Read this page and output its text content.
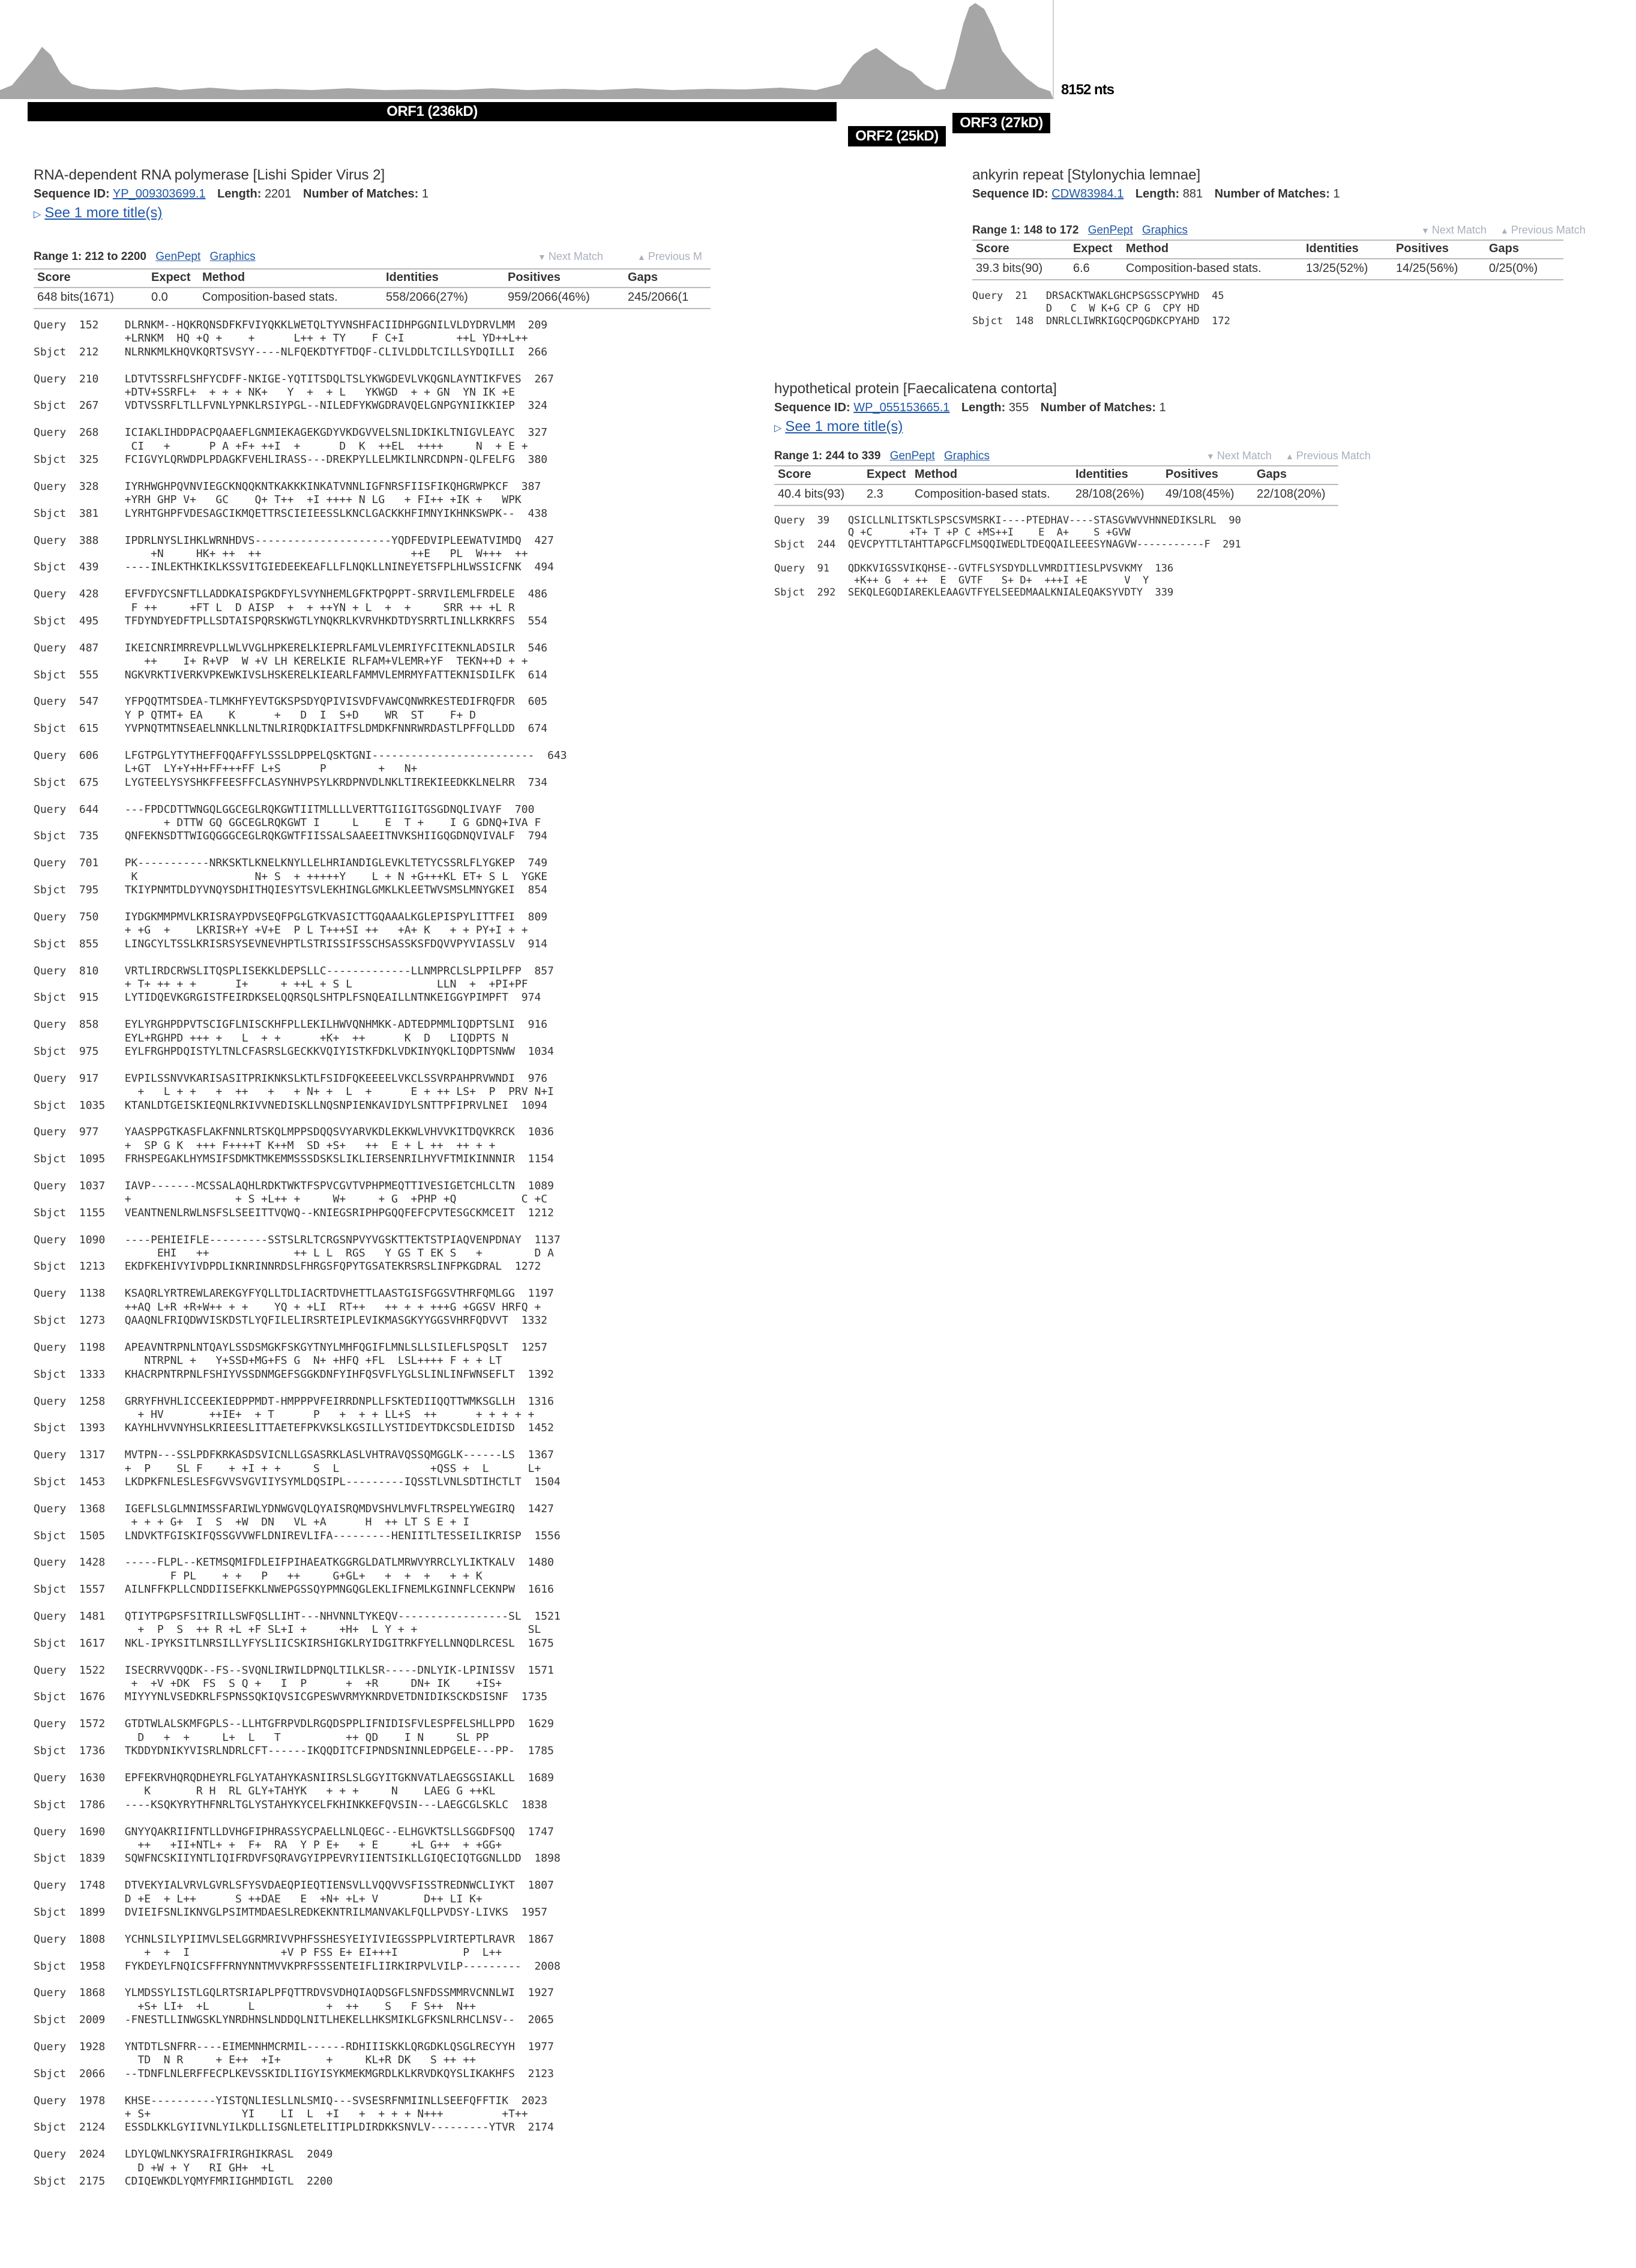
ORF1 (236kD)
ORF2 (25kD)
ORF3 (27kD)
8152 nts
RNA-dependent RNA polymerase [Lishi Spider Virus 2]
Sequence ID: YP_009303699.1 Length: 2201 Number of Matches: 1
▷ See 1 more title(s)
Range 1: 212 to 2200 GenPept Graphics	▼ Next Match	▲ Previous M
Score	Expect	Method	Identities	Positives	Gaps
648 bits(1671)	0.0	Composition-based stats.	558/2066(27%)	959/2066(46%)	245/2066(1
Query  152    DLRNKM--HQKRQNSDFKFVIYQKKLWETQLTYVNSHFACIIDHPGGNILVLDYDRVLMM  209
+LRNKM  HQ +Q +    +      L++ + TY    F C+I        ++L YD++L++
Sbjct  212    NLRNKMLKHQVKQRTSVSYY----NLFQEKDTYFTDQF-CLIVLDDLTCILLSYDQILLI  266

Query  210    LDTVTSSRFLSHFYCDFF-NKIGE-YQTITSDQLTSLYKWGDEVLVKQGNLAYNTIKFVES  267
+DTV+SSRFL+  + + + NK+   Y  +  + L   YKWGD  + + GN  YN IK +E
Sbjct  267    VDTVSSRFLTLLFVNLYPNKLRSIYPGL--NILEDFYKWGDRAVQELGNPGYNIIKKIEP  324

Query  268    ICIAKLIHDDPACPQAAEFLGNMIEKAGEKGDYVKDGVVELSNLIDKIKLTNIGVLEAYC  327
CI   +      P A +F+ ++I  +      D  K  ++EL  ++++     N  + E +
Sbjct  325    FCIGVYLQRWDPLPDAGKFVEHLIRASS---DREKPYLLELMKILNRCDNPN-QLFELFG  380

Query  328    IYRHWGHPQVNVIEGCKNQQKNTKAKKKINKATVNNLIGFNRSFIISFIKQHGRWPKCF  387
+YRH GHP V+   GC    Q+ T++  +I ++++ N LG   + FI++ +IK +   WPK
Sbjct  381    LYRHTGHPFVDESAGCIKMQETTRSCIEIEESSLKNCLGACKKHFIMNYIKHNKSWPK--  438

Query  388    IPDRLNYSLIHKLWRNHDVS---------------------YQDFEDVIPLEEWATVIMDQ  427
+N     HK+ ++  ++                       ++E   PL  W+++  ++
Sbjct  439    ----INLEKTHKIKLKSSVITGIEDEEKEAFLLFLNQKLLNINEYETSFPLHLWSSICFNK  494

Query  428    EFVFDYCSNFTLLADDKAISPGKDFYLSVYNHEMLGFKTPQPPT-SRRVILEMLFRDELE  486
F ++     +FT L  D AISP  +  + ++YN + L  +  +     SRR ++ +L R
Sbjct  495    TFDYNDYEDFTPLLSDTAISPQRSKWGTLYNQKRLKVRVHKDTDYSRRTLINLLKRKRFS  554

Query  487    IKEICNRIMRREVPLLWLVVGLHPKERELKIEPRLFAMLVLEMRIYFCITEKNLADSILR  546
++    I+ R+VP  W +V LH KERELKIE RLFAM+VLEMR+YF  TEKN++D + +
Sbjct  555    NGKVRKTIVERKVPKEWKIVSLHSKERELKIEARLFAMMVLEMRMYFATTEKNISDILFK  614

Query  547    YFPQQTMTSDEA-TLMKHFYEVTGKSPSDYQPIVISVDFVAWCQNWRKESTEDIFRQFDR  605
Y P QTMT+ EA    K      +   D  I  S+D    WR  ST    F+ D
Sbjct  615    YVPNQTMTNSEAELNNKLLNLTNLRIRQDKIAITFSLDMDKFNNRWRDASTLPFFQLLDD  674

Query  606    LFGTPGLYTYTHEFFQQAFFYLSSSLDPPELQSKTGNI-------------------------  643
L+GT  LY+Y+H+FF+++FF L+S      P        +   N+
Sbjct  675    LYGTEELYSYSHKFFEESFFCLASYNHVPSYLKRDPNVDLNKLTIREKIEEDKKLNELRR  734

Query  644    ---FPDCDTTWNGQLGGCEGLRQKGWTIITMLLLLVERTTGIIGITGSGDNQLIVAYF  700
+ DTTW GQ GGCEGLRQKGWT I     L    E  T +    I G GDNQ+IVA F
Sbjct  735    QNFEKNSDTTWIGQGGGCEGLRQKGWTFIISSALSAAEEITNVKSHIIGQGDNQVIVALF  794

Query  701    PK-----------NRKSKTLKNELKNYLLELHRIANDIGLEVKLTETYCSSRLFLYGKEP  749
K                  N+ S  + +++++Y    L + N +G+++KL ET+ S L  YGKE
Sbjct  795    TKIYPNMTDLDYVNQYSDHITHQIESYTSVLEKHINGLGMKLKLEETWVSMSLMNYGKEI  854

Query  750    IYDGKMMPMVLKRISRAYPDVSEQFPGLGTKVASICTTGQAAALKGLEPISPYLITTFEI  809
+ +G  +    LKRISR+Y +V+E  P L T+++SI ++   +A+ K   + + PY+I + +
Sbjct  855    LINGCYLTSSLKRISRSYSEVNEVHPTLSTRISSIFSSCHSASSKSFDQVVPYVIASSLV  914

Query  810    VRTLIRDCRWSLITQSPLISEKKLDEPSLLC-------------LLNMPRCLSLPPILPFP  857
+ T+ ++ + +      I+     + ++L + S L             LLN  +  +PI+PF
Sbjct  915    LYTIDQEVKGRGISTFEIRDKSELQQRSQLSHTPLFSNQEAILLNTNKEIGGYPIMPFT  974

Query  858    EYLYRGHPDPVTSCIGFLNISCKHFPLLEKILHWVQNHMKK-ADTEDPMMLIQDPTSLNI  916
EYL+RGHPD +++ +   L  + +      +K+  ++      K  D   LIQDPTS N
Sbjct  975    EYLFRGHPDQISTYLTNLCFASRSLGECKKVQIYISTKFDKLVDKINYQKLIQDPTSNWW  1034

Query  917    EVPILSSNVVKARISASITPRIKNKSLKTLFSIDFQKEEEELVKCLSSVRPAHPRVWNDI  976
+   L + +   +  ++   +   + N+ +  L  +      E + ++ LS+  P  PRV N+I
Sbjct  1035   KTANLDTGEISKIEQNLRKIVVNEDISKLLNQSNPIENKAVIDYLSNTTPFIPRVLNEI  1094

Query  977    YAASPPGTKASFLAKFNNLRTSKQLMPPSDQQSVYARVKDLEKKWLVHVVKITDQVKRCK  1036
+  SP G K  +++ F++++T K++M  SD +S+   ++  E + L ++  ++ + +
Sbjct  1095   FRHSPEGAKLHYMSIFSDMKTMKEMMSSSDSKSLIKLIERSENRILHYVFTMIKINNNIR  1154

Query  1037   IAVP-------MCSSALAQHLRDKTWKTFSPVCGVTVPHPMEQTTIVESIGETCHLCLTN  1089
+                + S +L++ +     W+     + G  +PHP +Q          C +C
Sbjct  1155   VEANTNENLRWLNSFSLSEEITTVQWQ--KNIEGSRIPHPGQQFEFCPVTESGCKMCEIT  1212

Query  1090   ----PEHIEIFLE---------SSTSLRLTCRGSNPVYVGSKTTEKTSTPIAQVENPDNAY  1137
EHI   ++             ++ L L  RGS   Y GS T EK S   +        D A
Sbjct  1213   EKDFKEHIVYIVDPDLIKNRINNRDSLFHRGSFQPYTGSATEKRSRSLINFPKGDRAL  1272

Query  1138   KSAQRLYRTREWLAREKGYFYQLLTDLIACRTDVHETTLAASTGISFGGSVTHRFQMLGG  1197
++AQ L+R +R+W++ + +    YQ + +LI  RT++   ++ + + +++G +GGSV HRFQ +
Sbjct  1273   QAAQNLFRIQDWVISKDSTLYQFILELIRSRTEIPLEVIKMASGKYYGGSVHRFQDVVT  1332

Query  1198   APEAVNTRPNLNTQAYLSSDSMGKFSKGYTNYLMHFQGIFLMNLSLLSILEFLSPQSLT  1257
NTRPNL +   Y+SSD+MG+FS G  N+ +HFQ +FL  LSL++++ F + + LT
Sbjct  1333   KHACRPNTRPNLFSHIYVSSDNMGEFSGGKDNFYIHFQSVFLYGLSLINLINFWNSEFLT  1392

Query  1258   GRRYFHVHLICCEEKIEDPPMDT-HMPPPVFEIRRDNPLLFSKTEDIIQQTTWMKSGLLH  1316
+ HV       ++IE+  + T      P   +  + + LL+S  ++      + + + + +
Sbjct  1393   KAYHLHVVNYHSLKRIEESLITTAETEFPKVKSLKGSILLYSTIDEYTDKCSDLEIDISD  1452

Query  1317   MVTPN---SSLPDFKRKASDSVICNLLGSASRKLASLVHTRAVQSSQMGGLK------LS  1367
+  P    SL F    + +I + +     S  L              +QSS +  L      L+
Sbjct  1453   LKDPKFNLESLESFGVVSVGVIIYSYMLDQSIPL---------IQSSTLVNLSDTIHCTLT  1504

Query  1368   IGEFLSLGLMNIMSSFARIWLYDNWGVQLQYAISRQMDVSHVLMVFLTRSPELYWEGIRQ  1427
+ + + G+  I  S  +W  DN   VL +A      H  ++ LT S E + I
Sbjct  1505   LNDVKTFGISKIFQSSGVVWFLDNIREVLIFA---------HENIITLTESSEILIKRISP  1556

Query  1428   -----FLPL--KETMSQMIFDLEIFPIHAEATKGGRGLDATLMRWVYRRCLYLIKTKALV  1480
F PL    + +   P   ++     G+GL+   +  +  +   + + K
Sbjct  1557   AILNFFKPLLCNDDIISEFKKLNWEPGSSQYPMNGQGLEKLIFNEMLKGINNFLCEKNPW  1616

Query  1481   QTIYTPGPSFSITRILLSWFQSLLIHT---NHVNNLTYKEQV-----------------SL  1521
+  P  S  ++ R +L +F SL+I +     +H+  L Y + +                 SL
Sbjct  1617   NKL-IPYKSITLNRSILLYFYSLIICSKIRSHIGKLRYIDGITRKFYELLNNQDLRCESL  1675

Query  1522   ISECRRVVQQDK--FS--SVQNLIRWILDPNQLTILKLSR-----DNLYIK-LPINISSV  1571
+  +V +DK  FS  S Q +   I  P      +  +R     DN+ IK    +IS+
Sbjct  1676   MIYYYNLVSEDKRLFSPNSSQKIQVSICGPESWVRMYKNRDVETDNIDIKSCKDSISNF  1735

Query  1572   GTDTWLALSKMFGPLS--LLHTGFRPVDLRGQDSPPLIFNIDISFVLESPFELSHLLPPD  1629
D   +  +     L+  L   T          ++ QD    I N     SL PP
Sbjct  1736   TKDDYDNIKYVISRLNDRLCFT------IKQQDITCFIPNDSNINNLEDPGELE---PP-  1785

Query  1630   EPFEKRVHQRQDHEYRLFGLYATAHYKASNIIRSLSLGGYITGKNVATLAEGSGSIAKLL  1689
K       R H  RL GLY+TAHYK   + + +     N    LAEG G ++KL
Sbjct  1786   ----KSQKYRYTHFNRLTGLYSTAHYKYCELFKHINKKEFQVSIN---LAEGCGLSKLC  1838

Query  1690   GNYYQAKRIIFNTLLDVHGFIPHRASSYCPAELLNLQEGC--ELHGVKTSLLSGGDFSQQ  1747
++   +II+NTL+ +  F+  RA  Y P E+   + E     +L G++  + +GG+
Sbjct  1839   SQWFNCSKIIYNTLIQIFRDVFSQRAVGYIPPEVRYIIENTSIKLLGIQECIQTGGNLLDD  1898

Query  1748   DTVEKYIALVRVLGVRLSFYSVDAEQPIEQTIENSVLLVQQVVSFISSTREDNWCLIYKT  1807
D +E  + L++      S ++DAE   E  +N+ +L+ V       D++ LI K+
Sbjct  1899   DVIEIFSNLIKNVGLPSIMTMDAESLREDKEKNTRILMANVAKLFQLLPVDSY-LIVKS  1957

Query  1808   YCHNLSILYPIIMVLSELGGRMRIVVPHFSSHESYEIYIVIEGSSPPLVIRTEPTLRAVR  1867
+  +  I              +V P FSS E+ EI+++I          P  L++
Sbjct  1958   FYKDEYLFNQICSFFFRNYNNTMVVKPRFSSSENTEIFLIIRKIRPVLVILP---------  2008

Query  1868   YLMDSSYLISTLGQLRTSRIAPLPFQTTRDVSVDHQIAQDSGFLSNFDSSMMRVCNNLWI  1927
+S+ LI+  +L      L           +  ++    S   F S++  N++
Sbjct  2009   -FNESTLLINWGSKLYNRDHNSLNDDQLNITLHEKELLHKSMIKLGFKSNLRHCLNSV--  2065

Query  1928   YNTDTLSNFRR----EIMEMNHMCRMIL------RDHIIISKKLQRGDKLQSGLRECYYH  1977
TD  N R     + E++  +I+       +     KL+R DK   S ++ ++
Sbjct  2066   --TDNFLNLERFFECPLKEVSSKIDLIIGYISYKMEKMGRDLKLKRVDKQYSLIKAKHFS  2123

Query  1978   KHSE----------YISTQNLIESLLNLSMIQ---SVSESRFNMIINLLSEEFQFFTIK  2023
+ S+              YI    LI  L  +I   +  + + + N+++         +T++
Sbjct  2124   ESSDLKKLGYIIVNLYILKDLLISGNLETELITIPLDIRDKKSNVLV---------YTVR  2174

Query  2024   LDYLQWLNKYSRAIFRIRGHIKRASL  2049
D +W + Y   RI GH+  +L
Sbjct  2175   CDIQEWKDLYQMYFMRIIGHMDIGTL  2200
ankyrin repeat [Stylonychia lemnae]
Sequence ID: CDW83984.1 Length: 881 Number of Matches: 1
Range 1: 148 to 172 GenPept Graphics	▼ Next Match ▲ Previous Match
Score	Expect	Method	Identities	Positives	Gaps
39.3 bits(90)	6.6	Composition-based stats.	13/25(52%)	14/25(56%)	0/25(0%)
Query  21   DRSACKTWAKLGHCPSGSSCPYWHD  45
D   C  W K+G CP G  CPY HD
Sbjct  148  DNRLCLIWRKIGQCPQGDKCPYAHD  172
hypothetical protein [Faecalicatena contorta]
Sequence ID: WP_055153665.1 Length: 355 Number of Matches: 1
▷ See 1 more title(s)
Range 1: 244 to 339 GenPept Graphics	▼ Next Match ▲ Previous Match
Score	Expect	Method	Identities	Positives	Gaps
40.4 bits(93)	2.3	Composition-based stats.	28/108(26%)	49/108(45%)	22/108(20%)
Query  39   QSICLLNLITSKTLSPSCSVMSRKI----PTEDHAV----STASGVWVVHNNEDIKSLRL  90
Q +C      +T+ T +P C +MS++I    E  A+    S +GVW
Sbjct  244  QEVCPYTTLTAHTTAPGCFLMSQQIWEDLTDEQQAILEEESYNAGVW-----------F  291

Query  91   QDKKVIGSSVIKQHSE--GVTFLSYSDYDLLVMRDITIESLPVSVKMY  136
+K++ G  + ++  E  GVTF   S+ D+  +++I +E      V  Y
Sbjct  292  SEKQLEGQDIAREKLEAAGVTFYELSEEDMAALKNIALEQAKSYVDTY  339
